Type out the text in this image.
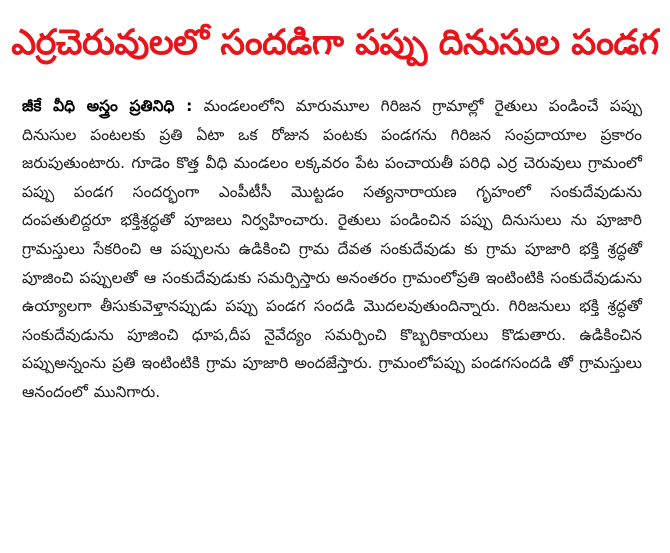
ఎర్రచెరువులలో సందడిగా పప్పు దినుసుల పండగ
జీకే వీధి అస్త్రం ప్రతినిధి : మండలంలోని మారుమూల గిరిజన గ్రామాల్లో రైతులు పండించే పప్పు దినుసుల పంటలకు ప్రతి ఏటా ఒక రోజున పంటకు పండగను గిరిజన సంప్రదాయాల ప్రకారం జరుపుతుంటారు. గూడెం కొత్త వీధి మండలం లక్కవరం పేట పంచాయతీ పరిధి ఎర్ర చెరువులు గ్రామంలో పప్పు పండగ సందర్భంగా ఎంపీటీసీ మొట్టడం సత్యనారాయణ గృహంలో సంకుదేవుడును దంపతులిద్దరూ భక్తిశ్రద్ధతో పూజలు నిర్వహించారు. రైతులు పండించిన పప్పు దినుసులు ను పూజారి గ్రామస్తులు సేకరించి ఆ పప్పులను ఉడికించి గ్రామ దేవత సంకుదేవుడు కు గ్రామ పూజారి భక్తి శ్రద్ధతో పూజించి పప్పులతో ఆ సంకుదేవుడుకు సమర్పిస్తారు అనంతరం గ్రామంలోప్రతి ఇంటింటికి సంకుదేవుడును ఉయ్యాలగా తీసుకువెళ్తానప్పుడు పప్పు పండగ సందడి మొదలవుతుందిన్నారు. గిరిజనులు భక్తి శ్రద్ధతో సంకుదేవుడును పూజించి ధూప,దీప నైవేద్యం సమర్పించి కొబ్బరికాయలు కొడుతారు. ఉడికించిన పప్పుఅన్నంను ప్రతి ఇంటింటికి గ్రామ పూజారి అందజేస్తారు. గ్రామంలోపప్పు పండగసందడి తో గ్రామస్తులు ఆనందంలో మునిగారు.
